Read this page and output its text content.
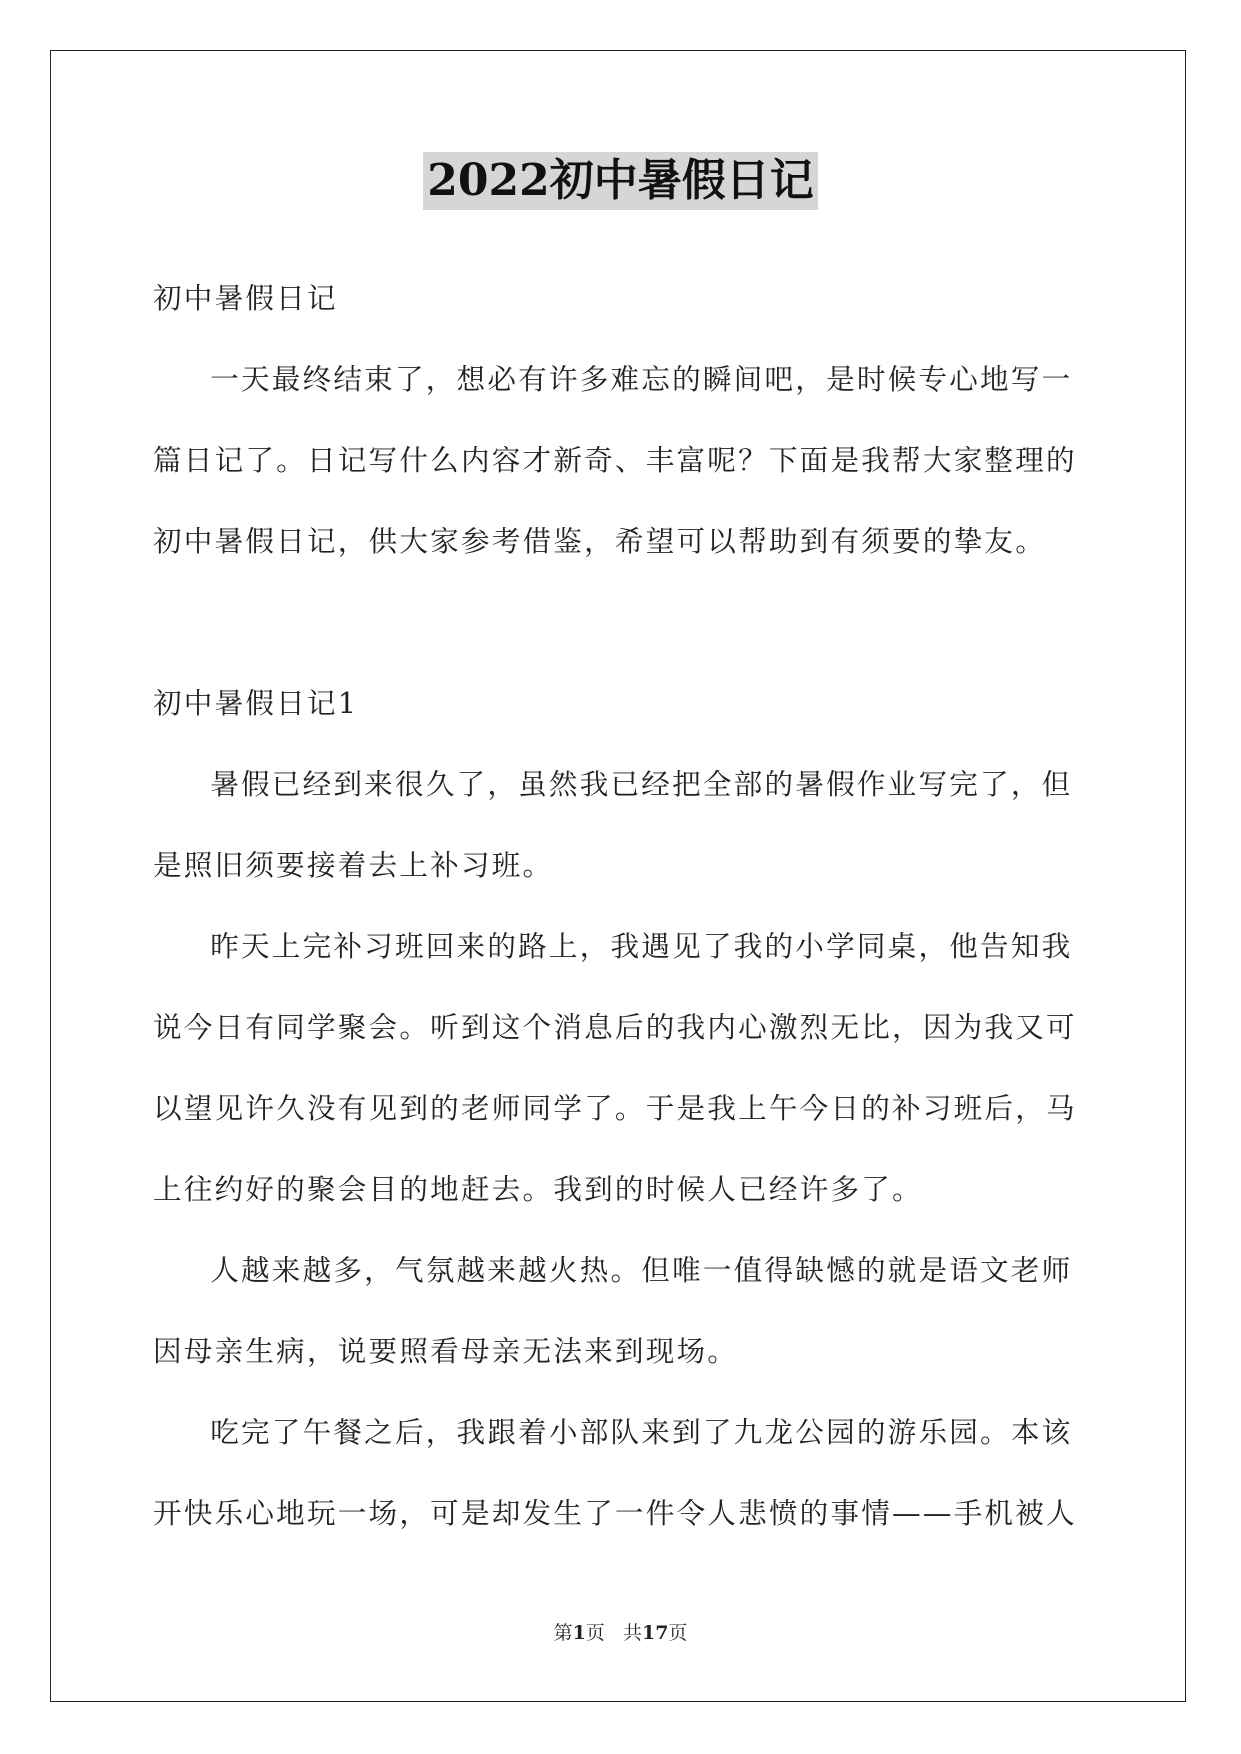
2022初中暑假日记

初中暑假日记

一天最终结束了，想必有许多难忘的瞬间吧，是时候专心地写一篇日记了。日记写什么内容才新奇、丰富呢？下面是我帮大家整理的初中暑假日记，供大家参考借鉴，希望可以帮助到有须要的挚友。

初中暑假日记1

暑假已经到来很久了，虽然我已经把全部的暑假作业写完了，但是照旧须要接着去上补习班。

昨天上完补习班回来的路上，我遇见了我的小学同桌，他告知我说今日有同学聚会。听到这个消息后的我内心激烈无比，因为我又可以望见许久没有见到的老师同学了。于是我上午今日的补习班后，马上往约好的聚会目的地赶去。我到的时候人已经许多了。

人越来越多，气氛越来越火热。但唯一值得缺憾的就是语文老师因母亲生病，说要照看母亲无法来到现场。

吃完了午餐之后，我跟着小部队来到了九龙公园的游乐园。本该开快乐心地玩一场，可是却发生了一件令人悲愤的事情——手机被人

第1页 共17页
